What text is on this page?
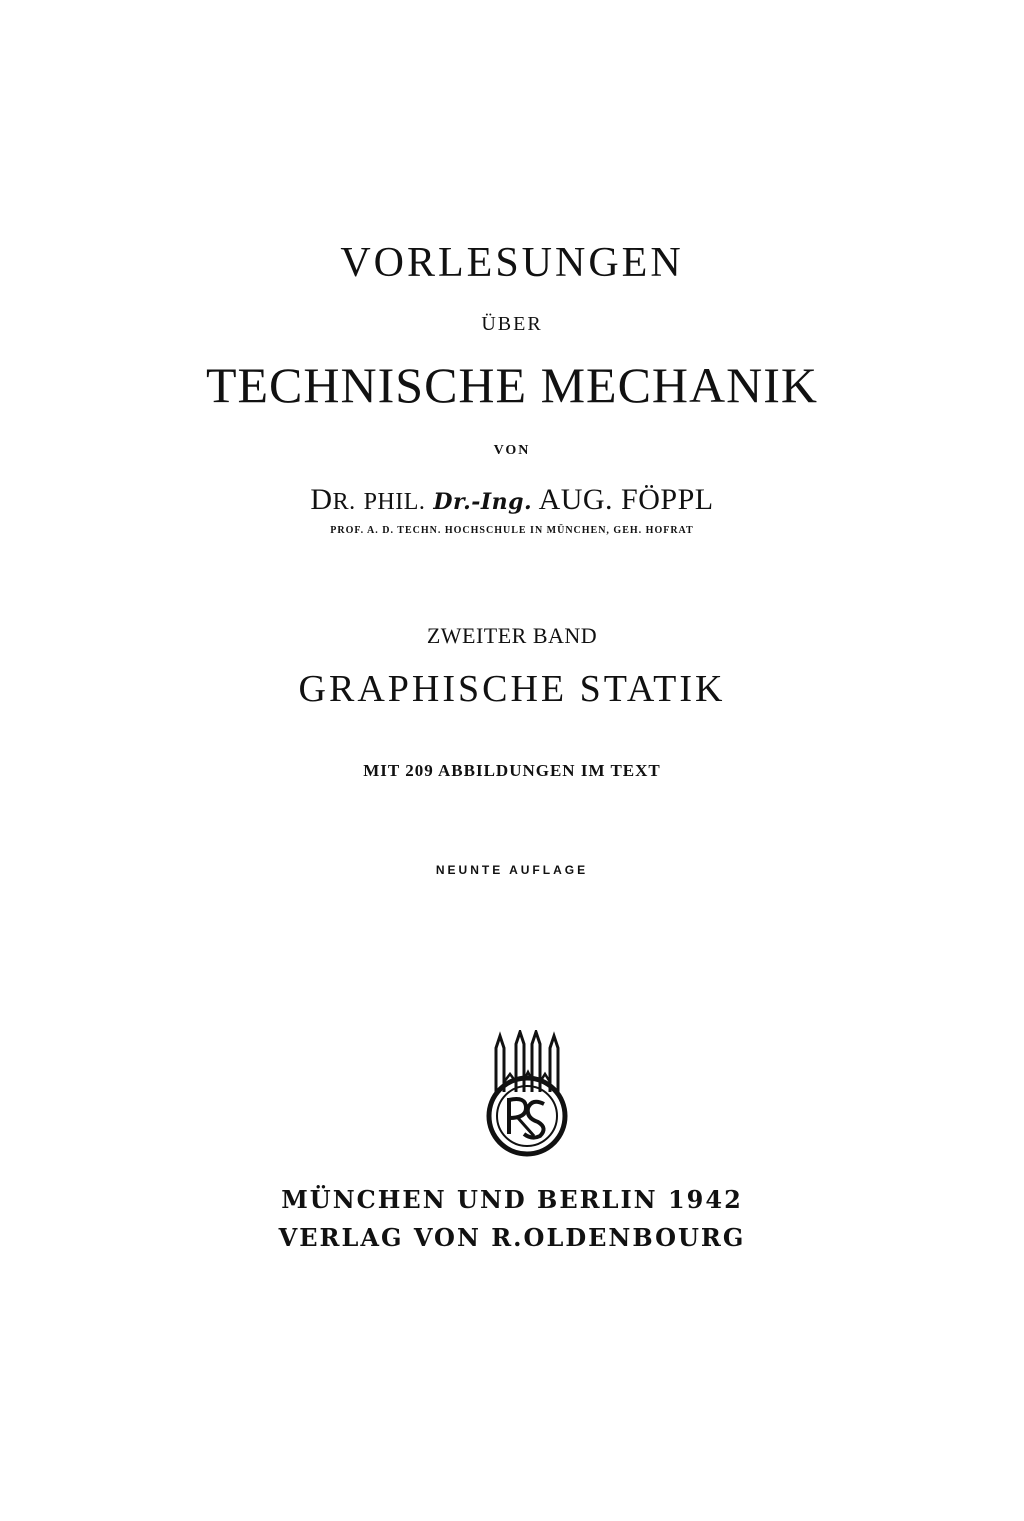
VORLESUNGEN
ÜBER
TECHNISCHE MECHANIK
VON
DR. PHIL. Dr.-Ing. AUG. FÖPPL
PROF. A. D. TECHN. HOCHSCHULE IN MÜNCHEN, GEH. HOFRAT
ZWEITER BAND
GRAPHISCHE STATIK
MIT 209 ABBILDUNGEN IM TEXT
NEUNTE AUFLAGE
MÜNCHEN UND BERLIN 1942
VERLAG VON R.OLDENBOURG
